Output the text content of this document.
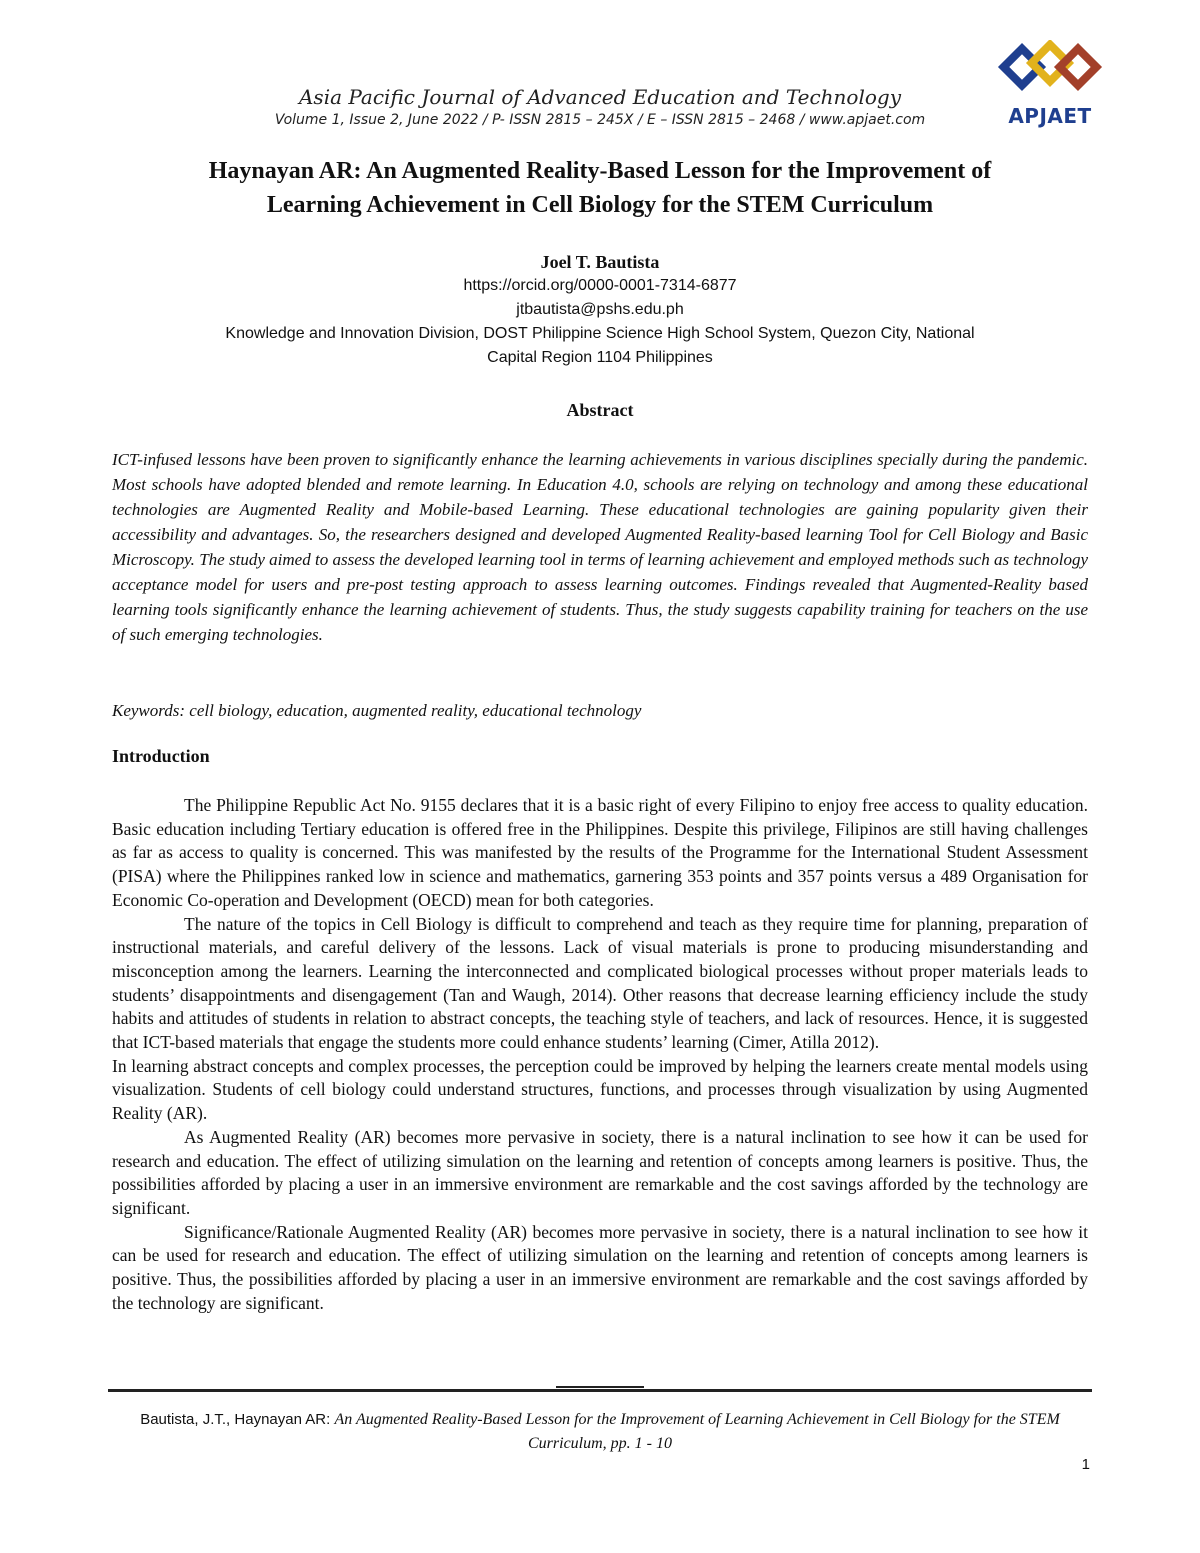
Asia Pacific Journal of Advanced Education and Technology
Volume 1, Issue 2, June 2022 / P- ISSN 2815 – 245X / E – ISSN 2815 – 2468 / www.apjaet.com	APJAET
Haynayan AR: An Augmented Reality-Based Lesson for the Improvement of
Learning Achievement in Cell Biology for the STEM Curriculum
Joel T. Bautista
https://orcid.org/0000-0001-7314-6877
jtbautista@pshs.edu.ph
Knowledge and Innovation Division, DOST Philippine Science High School System, Quezon City, National
Capital Region 1104 Philippines
Abstract
ICT-infused lessons have been proven to significantly enhance the learning achievements in various disciplines specially during the pandemic. Most schools have adopted blended and remote learning. In Education 4.0, schools are relying on technology and among these educational technologies are Augmented Reality and Mobile-based Learning. These educational technologies are gaining popularity given their accessibility and advantages. So, the researchers designed and developed Augmented Reality-based learning Tool for Cell Biology and Basic Microscopy. The study aimed to assess the developed learning tool in terms of learning achievement and employed methods such as technology acceptance model for users and pre-post testing approach to assess learning outcomes. Findings revealed that Augmented-Reality based learning tools significantly enhance the learning achievement of students. Thus, the study suggests capability training for teachers on the use of such emerging technologies.
Keywords: cell biology, education, augmented reality, educational technology
Introduction

The Philippine Republic Act No. 9155 declares that it is a basic right of every Filipino to enjoy free access to quality education. Basic education including Tertiary education is offered free in the Philippines. Despite this privilege, Filipinos are still having challenges as far as access to quality is concerned. This was manifested by the results of the Programme for the International Student Assessment (PISA) where the Philippines ranked low in science and mathematics, garnering 353 points and 357 points versus a 489 Organisation for Economic Co-operation and Development (OECD) mean for both categories.

The nature of the topics in Cell Biology is difficult to comprehend and teach as they require time for planning, preparation of instructional materials, and careful delivery of the lessons. Lack of visual materials is prone to producing misunderstanding and misconception among the learners. Learning the interconnected and complicated biological processes without proper materials leads to students’ disappointments and disengagement (Tan and Waugh, 2014). Other reasons that decrease learning efficiency include the study habits and attitudes of students in relation to abstract concepts, the teaching style of teachers, and lack of resources. Hence, it is suggested that ICT-based materials that engage the students more could enhance students’ learning (Cimer, Atilla 2012).

In learning abstract concepts and complex processes, the perception could be improved by helping the learners create mental models using visualization. Students of cell biology could understand structures, functions, and processes through visualization by using Augmented Reality (AR).

As Augmented Reality (AR) becomes more pervasive in society, there is a natural inclination to see how it can be used for research and education. The effect of utilizing simulation on the learning and retention of concepts among learners is positive. Thus, the possibilities afforded by placing a user in an immersive environment are remarkable and the cost savings afforded by the technology are significant.

Significance/Rationale Augmented Reality (AR) becomes more pervasive in society, there is a natural inclination to see how it can be used for research and education. The effect of utilizing simulation on the learning and retention of concepts among learners is positive. Thus, the possibilities afforded by placing a user in an immersive environment are remarkable and the cost savings afforded by the technology are significant.

Bautista, J.T., Haynayan AR: An Augmented Reality-Based Lesson for the Improvement of Learning Achievement in Cell Biology for the STEM Curriculum, pp. 1 - 10
1
